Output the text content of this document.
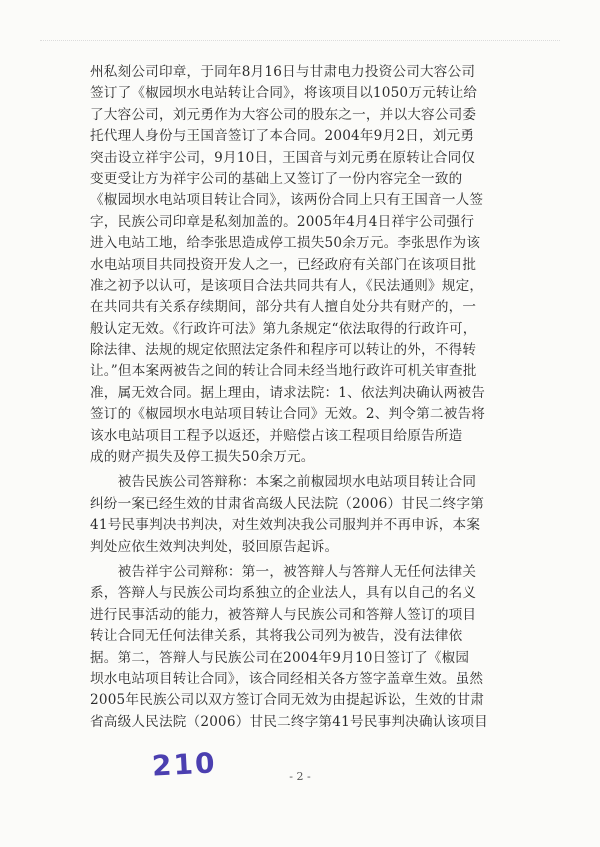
州私刻公司印章，于同年8月16日与甘肃电力投资公司大容公司
签订了《椒园坝水电站转让合同》，将该项目以1050万元转让给
了大容公司，刘元勇作为大容公司的股东之一，并以大容公司委
托代理人身份与王国音签订了本合同。2004年9月2日，刘元勇
突击设立祥宇公司，9月10日，王国音与刘元勇在原转让合同仅
变更受让方为祥宇公司的基础上又签订了一份内容完全一致的
《椒园坝水电站项目转让合同》，该两份合同上只有王国音一人签
字，民族公司印章是私刻加盖的。2005年4月4日祥宇公司强行
进入电站工地，给李张思造成停工损失50余万元。李张思作为该
水电站项目共同投资开发人之一，已经政府有关部门在该项目批
准之初予以认可，是该项目合法共同共有人，《民法通则》规定，
在共同共有关系存续期间，部分共有人擅自处分共有财产的，一
般认定无效。《行政许可法》第九条规定“依法取得的行政许可，
除法律、法规的规定依照法定条件和程序可以转让的外，不得转
让。”但本案两被告之间的转让合同未经当地行政许可机关审查批
准，属无效合同。据上理由，请求法院：1、依法判决确认两被告
签订的《椒园坝水电站项目转让合同》无效。2、判令第二被告将
该水电站项目工程予以返还，并赔偿占该工程项目给原告所造
成的财产损失及停工损失50余万元。
　　被告民族公司答辩称：本案之前椒园坝水电站项目转让合同
纠纷一案已经生效的甘肃省高级人民法院（2006）甘民二终字第
41号民事判决书判决，对生效判决我公司服判并不再申诉，本案
判处应依生效判决判处，驳回原告起诉。
　　被告祥宇公司辩称：第一，被答辩人与答辩人无任何法律关
系，答辩人与民族公司均系独立的企业法人，具有以自己的名义
进行民事活动的能力，被答辩人与民族公司和答辩人签订的项目
转让合同无任何法律关系，其将我公司列为被告，没有法律依
据。第二，答辩人与民族公司在2004年9月10日签订了《椒园
坝水电站项目转让合同》，该合同经相关各方签字盖章生效。虽然
2005年民族公司以双方签订合同无效为由提起诉讼，生效的甘肃
省高级人民法院（2006）甘民二终字第41号民事判决确认该项目
210	- 2 -
